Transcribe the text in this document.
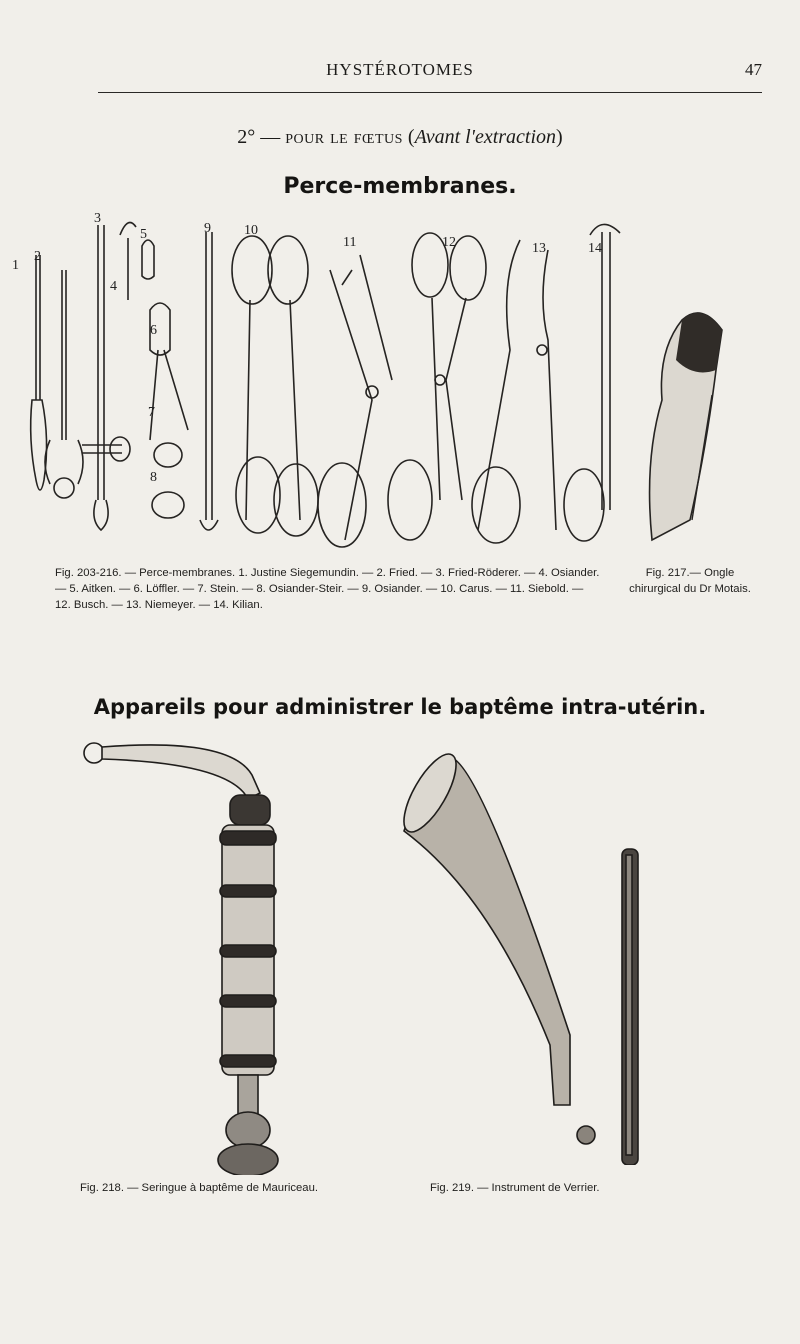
HYSTÉROTOMES	47
2° — pour le fœtus (Avant l'extraction)
Perce-membranes.
1
2
3
4
5
6
7
8
9 10
11	12	13	14
Fig. 203-216. — Perce-membranes. 1. Justine Siegemundin. — 2. Fried. — 3. Fried-Röderer. — 4. Osiander. — 5. Aitken. — 6. Löffler. — 7. Stein. — 8. Osiander-Steir. — 9. Osiander. — 10. Carus. — 11. Siebold. — 12. Busch. — 13. Niemeyer. — 14. Kilian.
Fig. 217.— Ongle chirurgical du Dr Motais.
Appareils pour administrer le baptême intra-utérin.
Fig. 218. — Seringue à baptême de Mauriceau.	Fig. 219. — Instrument de Verrier.
